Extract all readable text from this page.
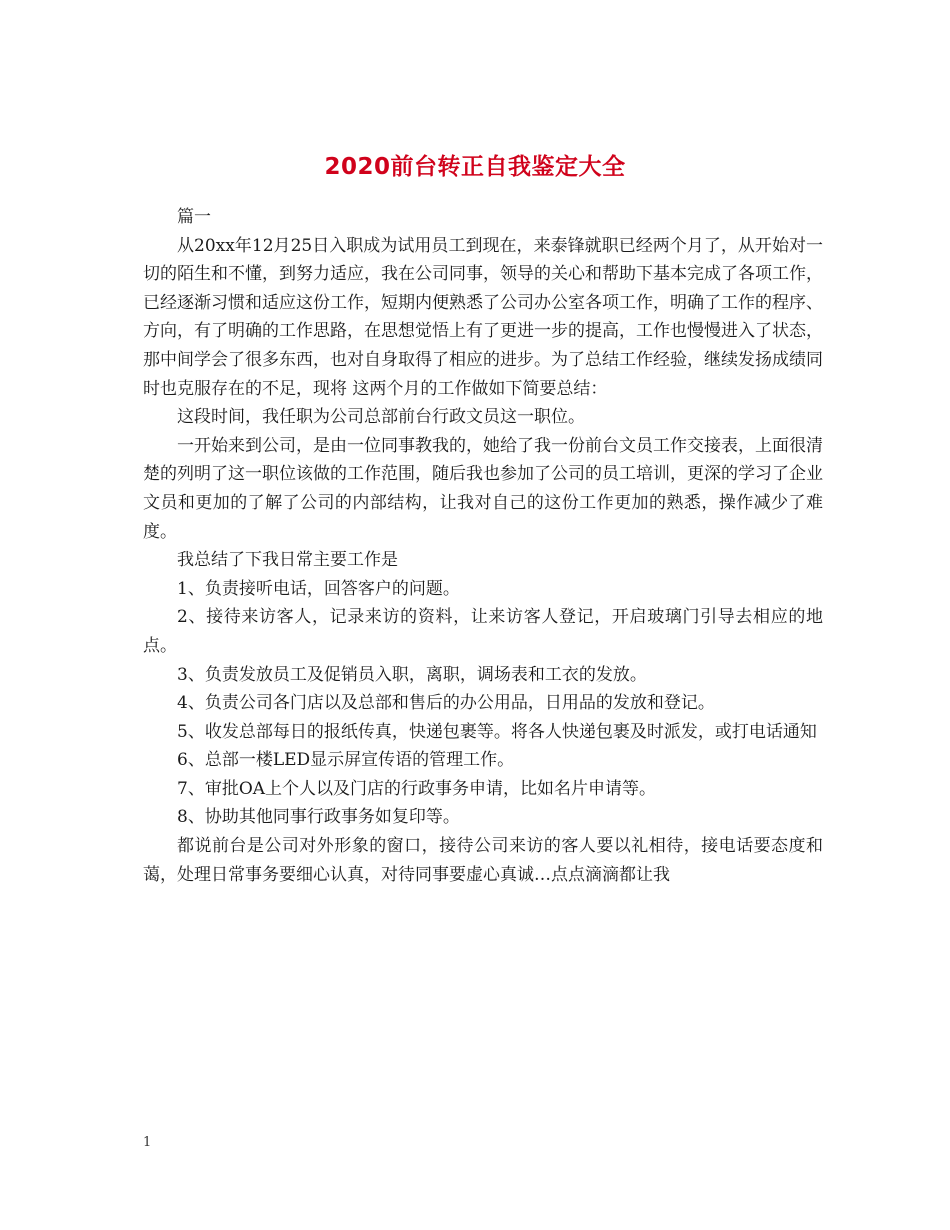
2020前台转正自我鉴定大全

篇一

从20xx年12月25日入职成为试用员工到现在，来泰锋就职已经两个月了，从开始对一切的陌生和不懂，到努力适应，我在公司同事，领导的关心和帮助下基本完成了各项工作，已经逐渐习惯和适应这份工作，短期内便熟悉了公司办公室各项工作，明确了工作的程序、方向，有了明确的工作思路，在思想觉悟上有了更进一步的提高，工作也慢慢进入了状态，那中间学会了很多东西，也对自身取得了相应的进步。为了总结工作经验，继续发扬成绩同时也克服存在的不足，现将 这两个月的工作做如下简要总结：

这段时间，我任职为公司总部前台行政文员这一职位。

一开始来到公司，是由一位同事教我的，她给了我一份前台文员工作交接表，上面很清楚的列明了这一职位该做的工作范围，随后我也参加了公司的员工培训，更深的学习了企业文员和更加的了解了公司的内部结构，让我对自己的这份工作更加的熟悉，操作减少了难度。

我总结了下我日常主要工作是

1、负责接听电话，回答客户的问题。

2、接待来访客人，记录来访的资料，让来访客人登记，开启玻璃门引导去相应的地点。

3、负责发放员工及促销员入职，离职，调场表和工衣的发放。

4、负责公司各门店以及总部和售后的办公用品，日用品的发放和登记。

5、收发总部每日的报纸传真，快递包裹等。将各人快递包裹及时派发，或打电话通知

6、总部一楼LED显示屏宣传语的管理工作。

7、审批OA上个人以及门店的行政事务申请，比如名片申请等。

8、协助其他同事行政事务如复印等。

都说前台是公司对外形象的窗口，接待公司来访的客人要以礼相待，接电话要态度和蔼，处理日常事务要细心认真，对待同事要虚心真诚…点点滴滴都让我

1
